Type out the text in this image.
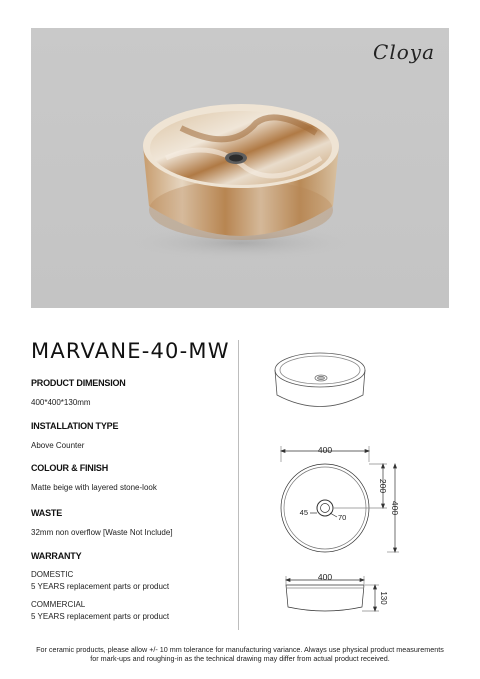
Cloya
MARVANE-40-MW
PRODUCT DIMENSION
400*400*130mm
INSTALLATION TYPE
Above Counter
COLOUR & FINISH
Matte beige with layered stone-look
WASTE
32mm non overflow [Waste Not Include]
WARRANTY
DOMESTIC
5 YEARS replacement parts or product
COMMERCIAL
5 YEARS replacement parts or product
400
200
400
45
70
400
130
For ceramic products, please allow +/- 10 mm tolerance for manufacturing variance. Always use physical product measurements
for mark-ups and roughing-in as the technical drawing may differ from actual product received.
